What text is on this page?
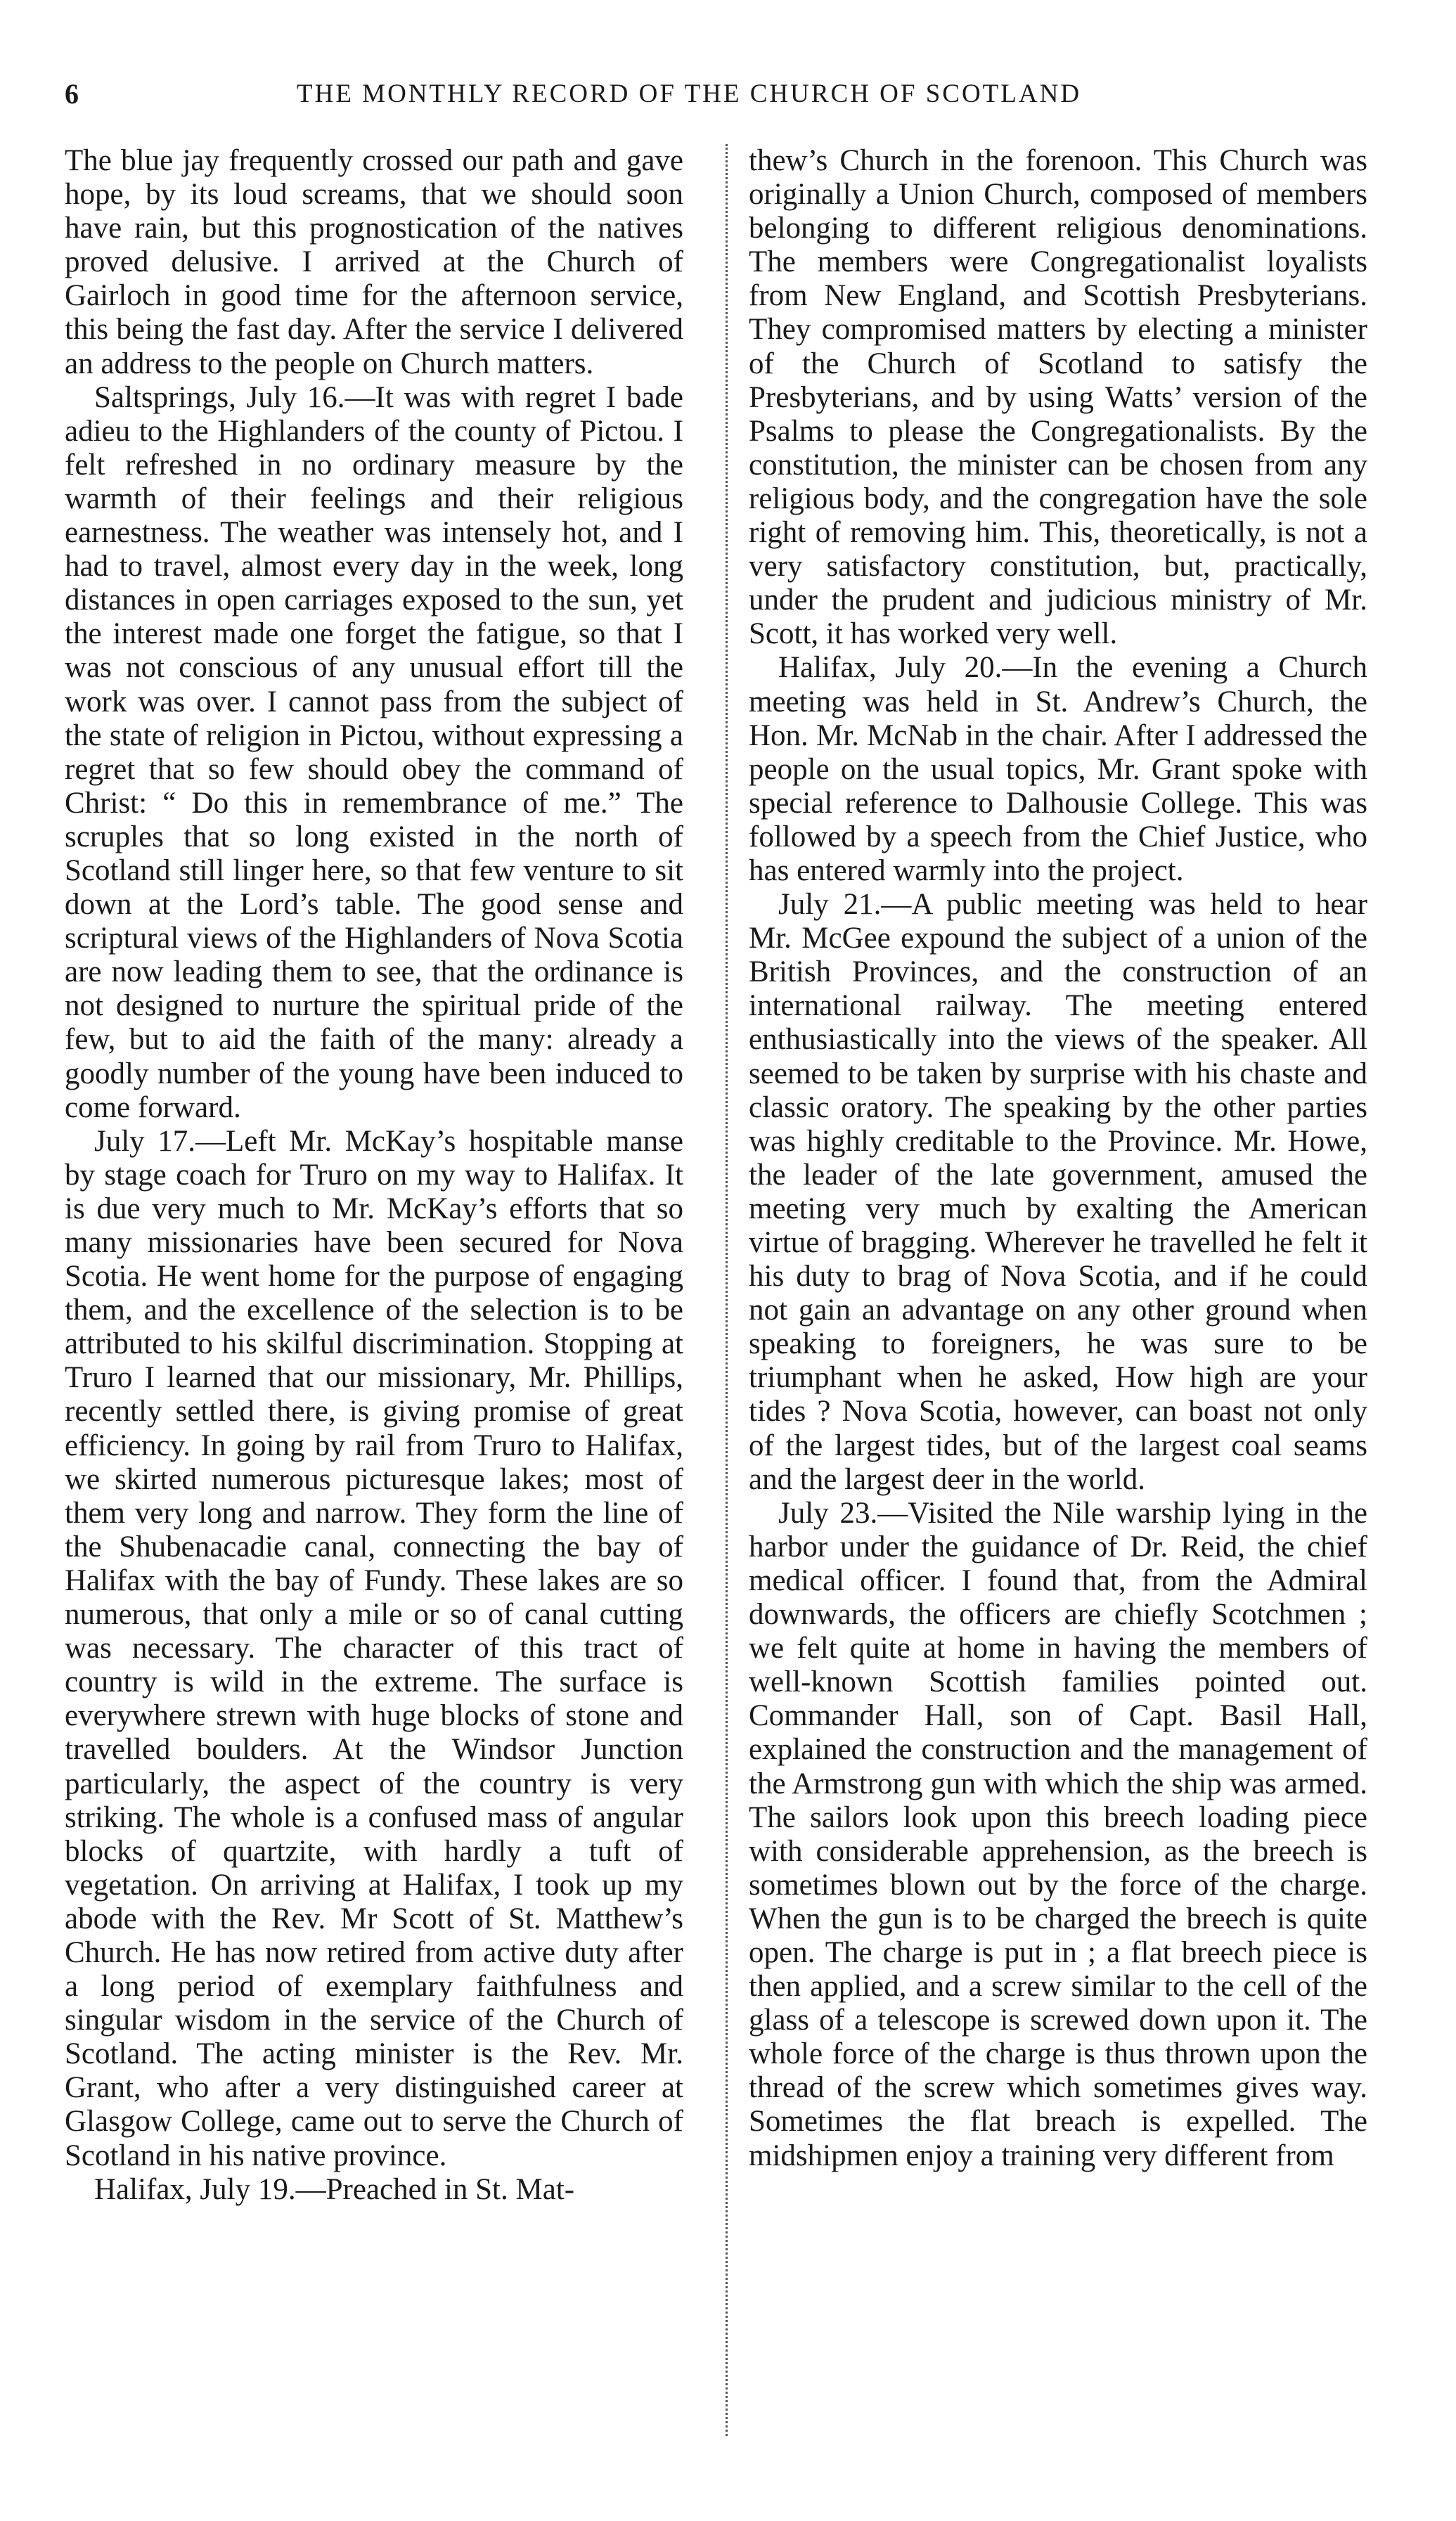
6	THE MONTHLY RECORD OF THE CHURCH OF SCOTLAND

The blue jay frequently crossed our path and gave hope, by its loud screams, that we should soon have rain, but this prognostication of the natives proved delusive. I arrived at the Church of Gairloch in good time for the afternoon service, this being the fast day. After the service I delivered an address to the people on Church matters.

Saltsprings, July 16.—It was with regret I bade adieu to the Highlanders of the county of Pictou. I felt refreshed in no ordinary measure by the warmth of their feelings and their religious earnestness. The weather was intensely hot, and I had to travel, almost every day in the week, long distances in open carriages exposed to the sun, yet the interest made one forget the fatigue, so that I was not conscious of any unusual effort till the work was over. I cannot pass from the subject of the state of religion in Pictou, without expressing a regret that so few should obey the command of Christ: “ Do this in remembrance of me.” The scruples that so long existed in the north of Scotland still linger here, so that few venture to sit down at the Lord’s table. The good sense and scriptural views of the Highlanders of Nova Scotia are now leading them to see, that the ordinance is not designed to nurture the spiritual pride of the few, but to aid the faith of the many: already a goodly number of the young have been induced to come forward.

July 17.—Left Mr. McKay’s hospitable manse by stage coach for Truro on my way to Halifax. It is due very much to Mr. McKay’s efforts that so many missionaries have been secured for Nova Scotia. He went home for the purpose of engaging them, and the excellence of the selection is to be attributed to his skilful discrimination. Stopping at Truro I learned that our missionary, Mr. Phillips, recently settled there, is giving promise of great efficiency. In going by rail from Truro to Halifax, we skirted numerous picturesque lakes; most of them very long and narrow. They form the line of the Shubenacadie canal, connecting the bay of Halifax with the bay of Fundy. These lakes are so numerous, that only a mile or so of canal cutting was necessary. The character of this tract of country is wild in the extreme. The surface is everywhere strewn with huge blocks of stone and travelled boulders. At the Windsor Junction particularly, the aspect of the country is very striking. The whole is a confused mass of angular blocks of quartzite, with hardly a tuft of vegetation. On arriving at Halifax, I took up my abode with the Rev. Mr Scott of St. Matthew’s Church. He has now retired from active duty after a long period of exemplary faithfulness and singular wisdom in the service of the Church of Scotland. The acting minister is the Rev. Mr. Grant, who after a very distinguished career at Glasgow College, came out to serve the Church of Scotland in his native province.

Halifax, July 19.—Preached in St. Mat-

thew’s Church in the forenoon. This Church was originally a Union Church, composed of members belonging to different religious denominations. The members were Congregationalist loyalists from New England, and Scottish Presbyterians. They compromised matters by electing a minister of the Church of Scotland to satisfy the Presbyterians, and by using Watts’ version of the Psalms to please the Congregationalists. By the constitution, the minister can be chosen from any religious body, and the congregation have the sole right of removing him. This, theoretically, is not a very satisfactory constitution, but, practically, under the prudent and judicious ministry of Mr. Scott, it has worked very well.

Halifax, July 20.—In the evening a Church meeting was held in St. Andrew’s Church, the Hon. Mr. McNab in the chair. After I addressed the people on the usual topics, Mr. Grant spoke with special reference to Dalhousie College. This was followed by a speech from the Chief Justice, who has entered warmly into the project.

July 21.—A public meeting was held to hear Mr. McGee expound the subject of a union of the British Provinces, and the construction of an international railway. The meeting entered enthusiastically into the views of the speaker. All seemed to be taken by surprise with his chaste and classic oratory. The speaking by the other parties was highly creditable to the Province. Mr. Howe, the leader of the late government, amused the meeting very much by exalting the American virtue of bragging. Wherever he travelled he felt it his duty to brag of Nova Scotia, and if he could not gain an advantage on any other ground when speaking to foreigners, he was sure to be triumphant when he asked, How high are your tides ? Nova Scotia, however, can boast not only of the largest tides, but of the largest coal seams and the largest deer in the world.

July 23.—Visited the Nile warship lying in the harbor under the guidance of Dr. Reid, the chief medical officer. I found that, from the Admiral downwards, the officers are chiefly Scotchmen ; we felt quite at home in having the members of well-known Scottish families pointed out. Commander Hall, son of Capt. Basil Hall, explained the construction and the management of the Armstrong gun with which the ship was armed. The sailors look upon this breech loading piece with considerable apprehension, as the breech is sometimes blown out by the force of the charge. When the gun is to be charged the breech is quite open. The charge is put in ; a flat breech piece is then applied, and a screw similar to the cell of the glass of a telescope is screwed down upon it. The whole force of the charge is thus thrown upon the thread of the screw which sometimes gives way. Sometimes the flat breach is expelled. The midshipmen enjoy a training very different from
